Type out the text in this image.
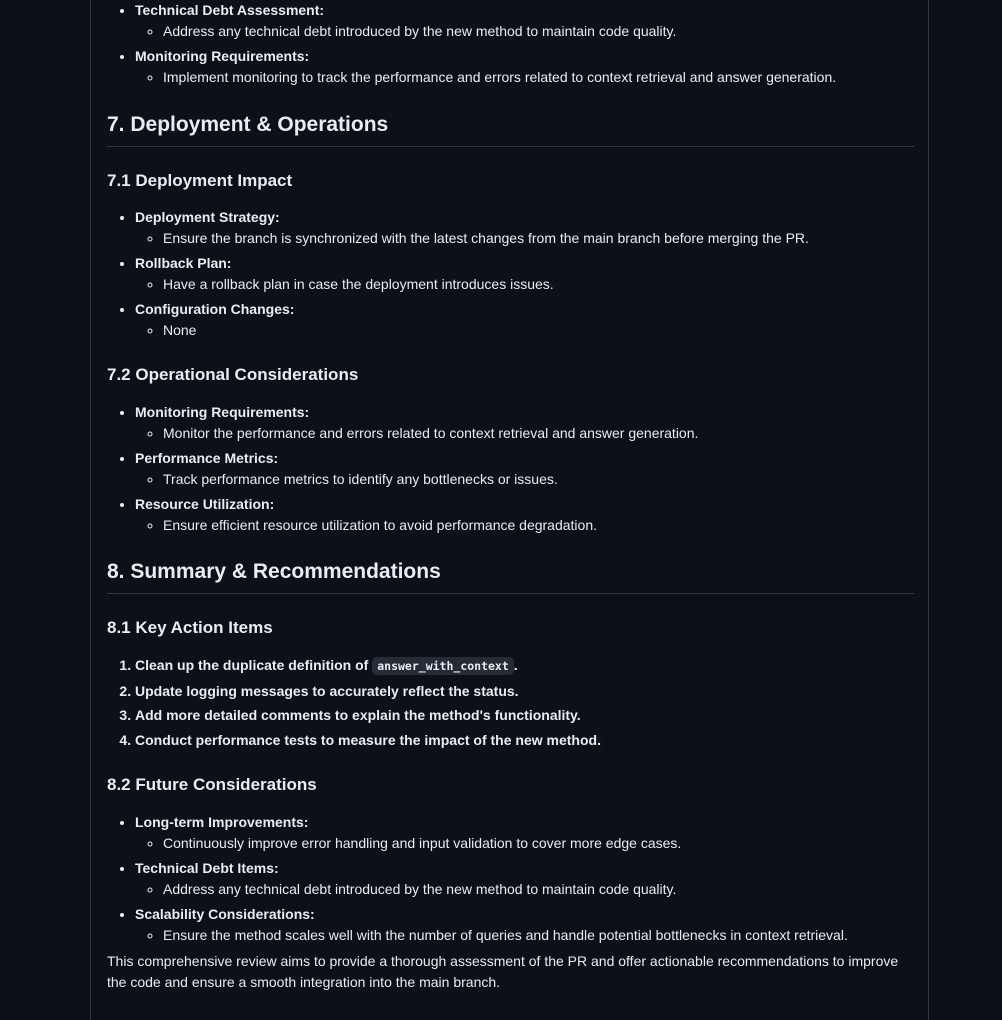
• Technical Debt Assessment:
◦ Address any technical debt introduced by the new method to maintain code quality.
• Monitoring Requirements:
◦ Implement monitoring to track the performance and errors related to context retrieval and answer generation.
7. Deployment & Operations
7.1 Deployment Impact
• Deployment Strategy:
◦ Ensure the branch is synchronized with the latest changes from the main branch before merging the PR.
• Rollback Plan:
◦ Have a rollback plan in case the deployment introduces issues.
• Configuration Changes:
◦ None
7.2 Operational Considerations
• Monitoring Requirements:
◦ Monitor the performance and errors related to context retrieval and answer generation.
• Performance Metrics:
◦ Track performance metrics to identify any bottlenecks or issues.
• Resource Utilization:
◦ Ensure efficient resource utilization to avoid performance degradation.
8. Summary & Recommendations
8.1 Key Action Items
1. Clean up the duplicate definition of answer_with_context .
2. Update logging messages to accurately reflect the status.
3. Add more detailed comments to explain the method's functionality.
4. Conduct performance tests to measure the impact of the new method.
8.2 Future Considerations
• Long-term Improvements:
◦ Continuously improve error handling and input validation to cover more edge cases.
• Technical Debt Items:
◦ Address any technical debt introduced by the new method to maintain code quality.
• Scalability Considerations:
◦ Ensure the method scales well with the number of queries and handle potential bottlenecks in context retrieval.

This comprehensive review aims to provide a thorough assessment of the PR and offer actionable recommendations to improve the code and ensure a smooth integration into the main branch.
